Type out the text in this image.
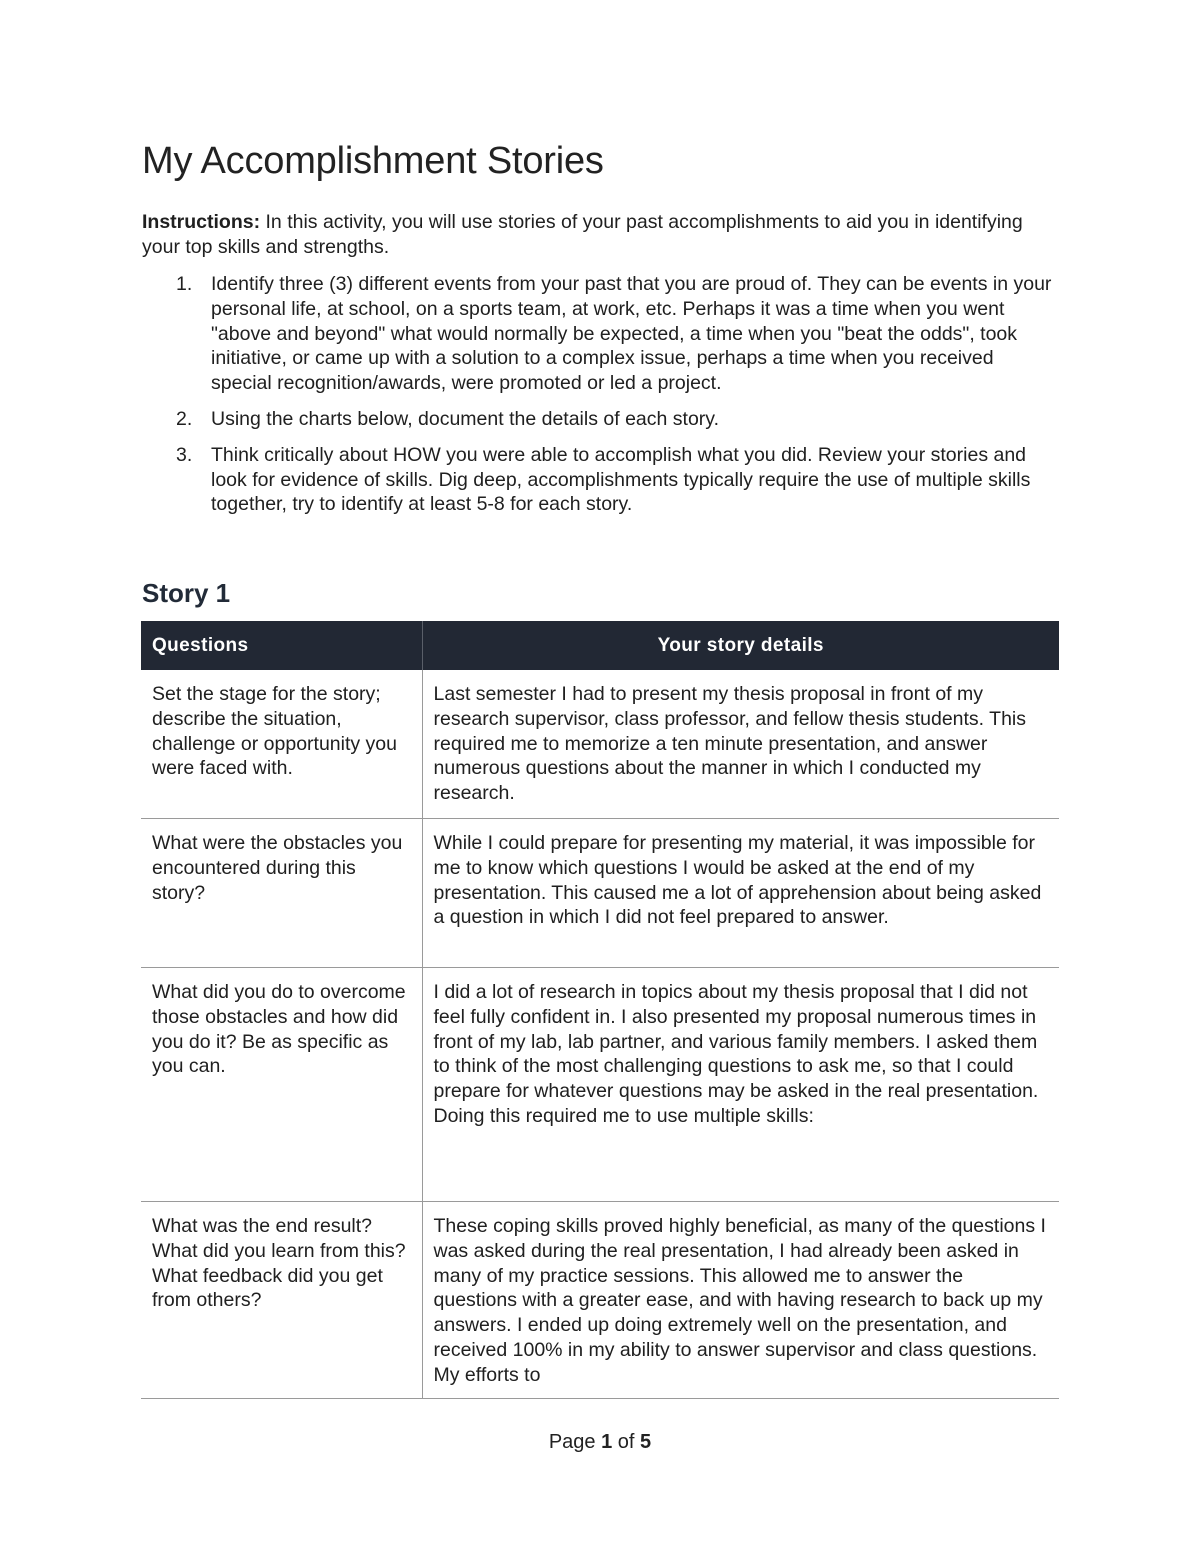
My Accomplishment Stories

Instructions: In this activity, you will use stories of your past accomplishments to aid you in identifying your top skills and strengths.

1. Identify three (3) different events from your past that you are proud of. They can be events in your personal life, at school, on a sports team, at work, etc. Perhaps it was a time when you went "above and beyond" what would normally be expected, a time when you "beat the odds", took initiative, or came up with a solution to a complex issue, perhaps a time when you received special recognition/awards, were promoted or led a project.
2. Using the charts below, document the details of each story.
3. Think critically about HOW you were able to accomplish what you did. Review your stories and look for evidence of skills. Dig deep, accomplishments typically require the use of multiple skills together, try to identify at least 5-8 for each story.
Story 1
Questions	Your story details
Set the stage for the story; describe the situation, challenge or opportunity you were faced with.	Last semester I had to present my thesis proposal in front of my research supervisor, class professor, and fellow thesis students. This required me to memorize a ten minute presentation, and answer numerous questions about the manner in which I conducted my research.
What were the obstacles you encountered during this story?	While I could prepare for presenting my material, it was impossible for me to know which questions I would be asked at the end of my presentation. This caused me a lot of apprehension about being asked a question in which I did not feel prepared to answer.
What did you do to overcome those obstacles and how did you do it? Be as specific as you can.	I did a lot of research in topics about my thesis proposal that I did not feel fully confident in. I also presented my proposal numerous times in front of my lab, lab partner, and various family members. I asked them to think of the most challenging questions to ask me, so that I could prepare for whatever questions may be asked in the real presentation. Doing this required me to use multiple skills:
What was the end result? What did you learn from this? What feedback did you get from others?	These coping skills proved highly beneficial, as many of the questions I was asked during the real presentation, I had already been asked in many of my practice sessions. This allowed me to answer the questions with a greater ease, and with having research to back up my answers. I ended up doing extremely well on the presentation, and received 100% in my ability to answer supervisor and class questions. My efforts to
Page 1 of 5
